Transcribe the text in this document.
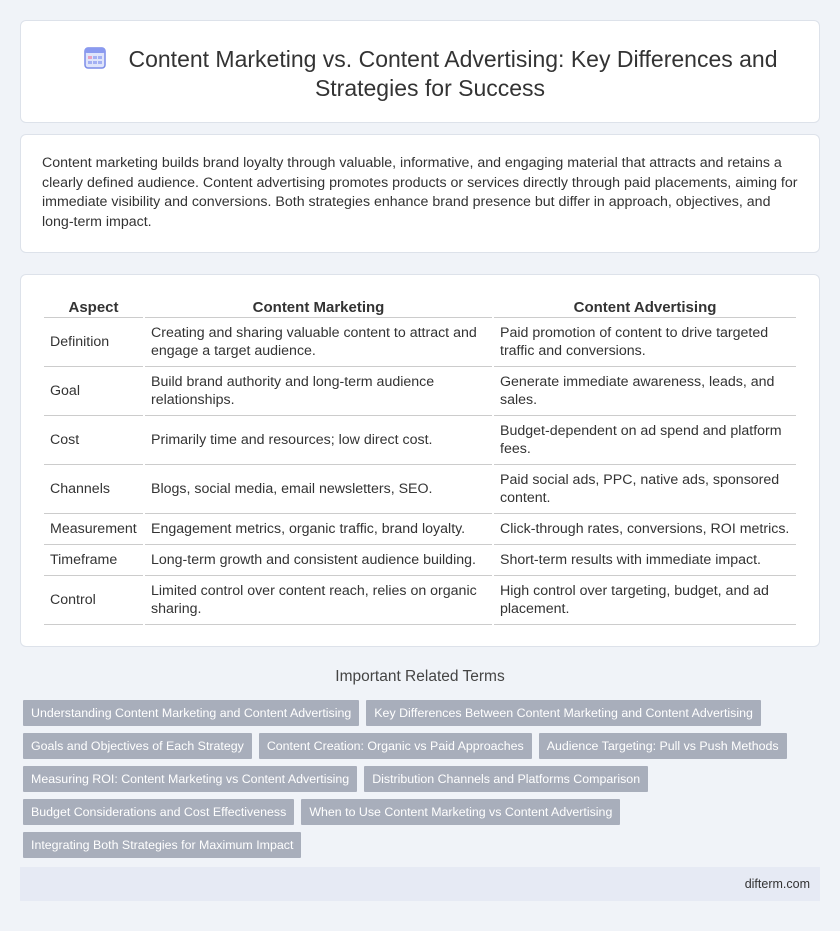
Content Marketing vs. Content Advertising: Key Differences and Strategies for Success

Content marketing builds brand loyalty through valuable, informative, and engaging material that attracts and retains a clearly defined audience. Content advertising promotes products or services directly through paid placements, aiming for immediate visibility and conversions. Both strategies enhance brand presence but differ in approach, objectives, and long-term impact.

Aspect	Content Marketing	Content Advertising
Definition	Creating and sharing valuable content to attract and engage a target audience.	Paid promotion of content to drive targeted traffic and conversions.
Goal	Build brand authority and long-term audience relationships.	Generate immediate awareness, leads, and sales.
Cost	Primarily time and resources; low direct cost.	Budget-dependent on ad spend and platform fees.
Channels	Blogs, social media, email newsletters, SEO.	Paid social ads, PPC, native ads, sponsored content.
Measurement	Engagement metrics, organic traffic, brand loyalty.	Click-through rates, conversions, ROI metrics.
Timeframe	Long-term growth and consistent audience building.	Short-term results with immediate impact.
Control	Limited control over content reach, relies on organic sharing.	High control over targeting, budget, and ad placement.
Important Related Terms
Understanding Content Marketing and Content Advertising	Key Differences Between Content Marketing and Content Advertising
Goals and Objectives of Each Strategy	Content Creation: Organic vs Paid Approaches	Audience Targeting: Pull vs Push Methods
Measuring ROI: Content Marketing vs Content Advertising	Distribution Channels and Platforms Comparison
Budget Considerations and Cost Effectiveness	When to Use Content Marketing vs Content Advertising
Integrating Both Strategies for Maximum Impact
difterm.com
